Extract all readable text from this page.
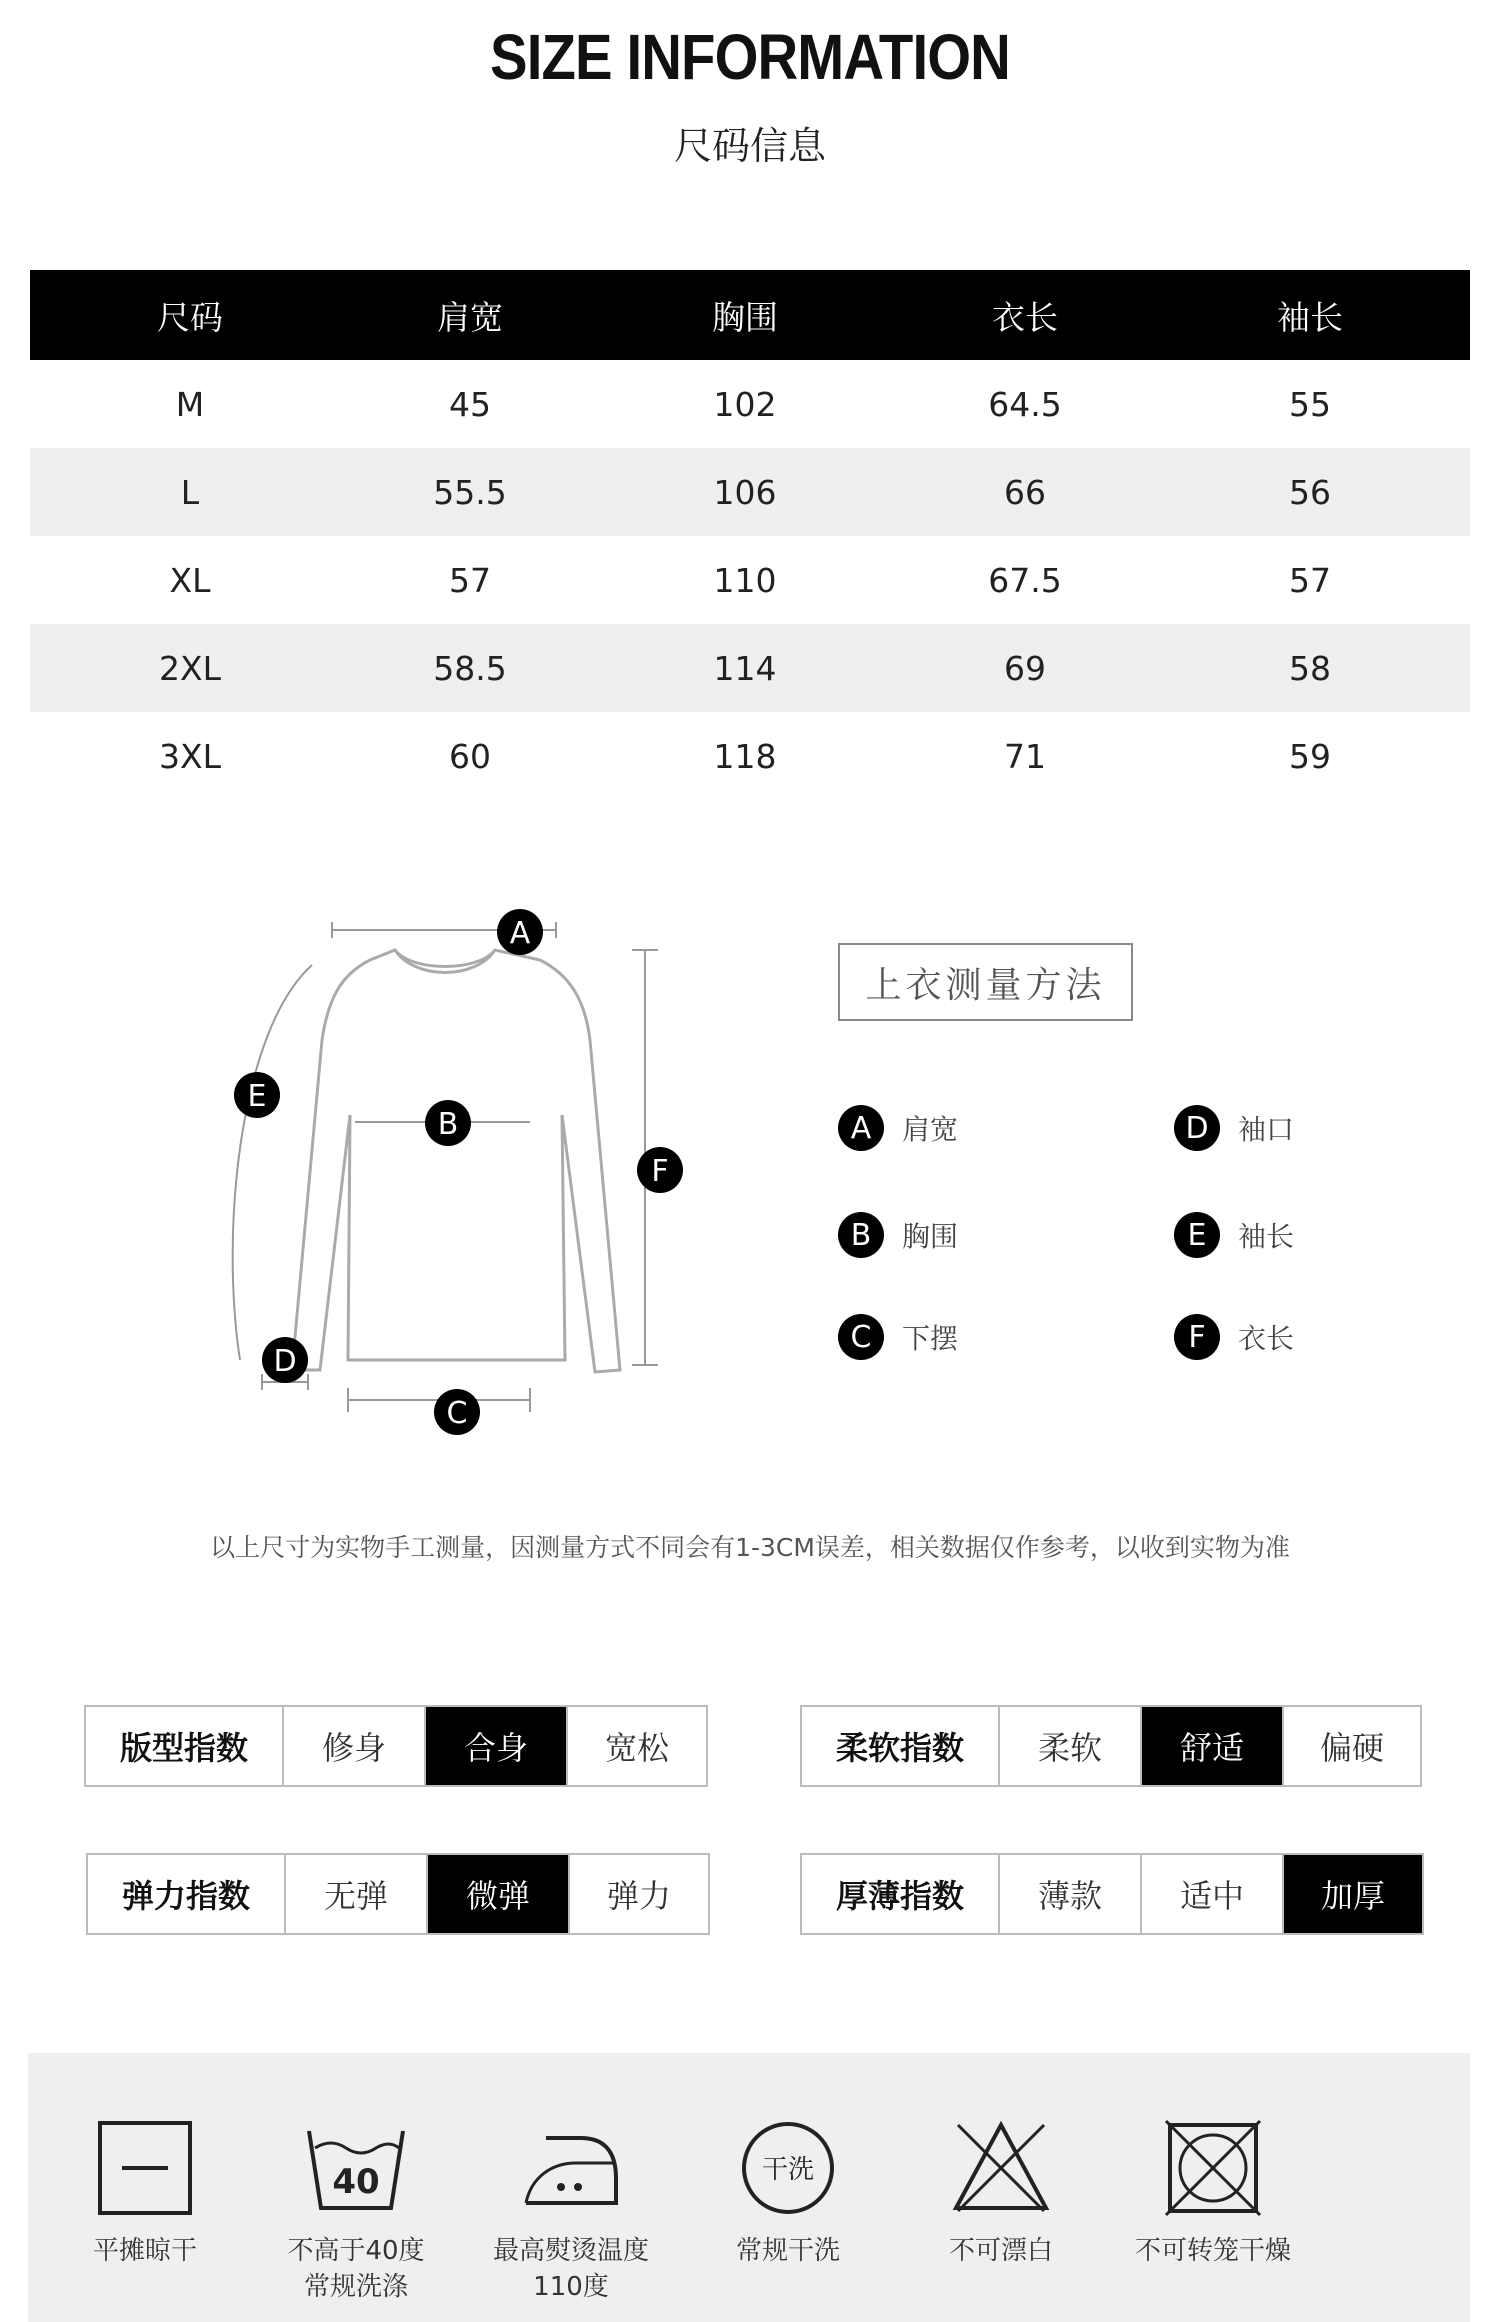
SIZE INFORMATION
尺码信息
尺码	肩宽	胸围	衣长	袖长
M	45	102	64.5	55
L	55.5	106	66	56
XL	57	110	67.5	57
2XL	58.5	114	69	58
3XL	60	118	71	59
A
B
C
D
E
F
上衣测量方法
A	肩宽
B	胸围
C	下摆
D	袖口
E	袖长
F	衣长
以上尺寸为实物手工测量，因测量方式不同会有1-3CM误差，相关数据仅作参考，以收到实物为准
版型指数	修身	合身	宽松	柔软指数	柔软	舒适	偏硬
弹力指数	无弹	微弹	弹力	厚薄指数	薄款	适中	加厚
平摊晾干
40
不高于40度
常规洗涤
最高熨烫温度
110度
干洗
常规干洗	不可漂白	不可转笼干燥
